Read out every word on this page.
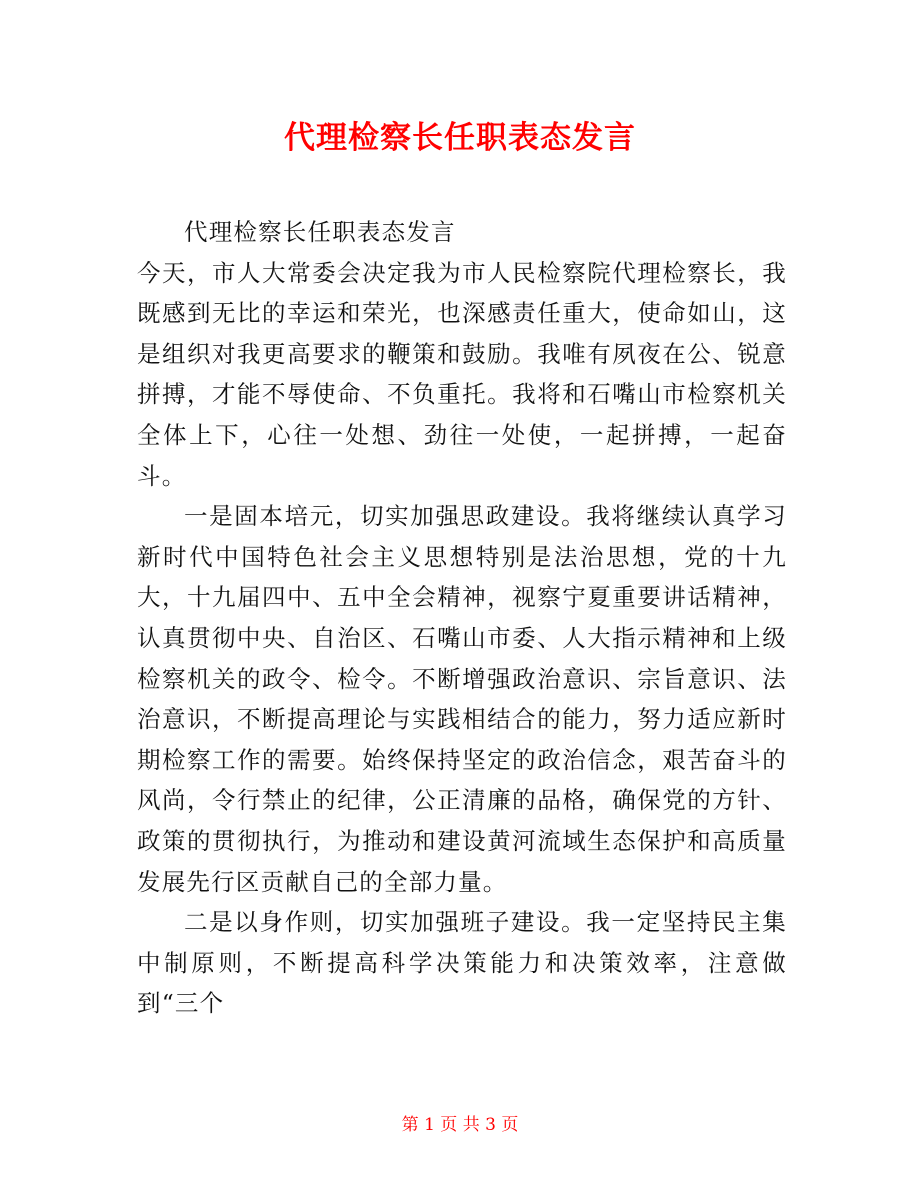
代理检察长任职表态发言

代理检察长任职表态发言

今天，市人大常委会决定我为市人民检察院代理检察长，我既感到无比的幸运和荣光，也深感责任重大，使命如山，这是组织对我更高要求的鞭策和鼓励。我唯有夙夜在公、锐意拼搏，才能不辱使命、不负重托。我将和石嘴山市检察机关全体上下，心往一处想、劲往一处使，一起拼搏，一起奋斗。

一是固本培元，切实加强思政建设。我将继续认真学习新时代中国特色社会主义思想特别是法治思想，党的十九大，十九届四中、五中全会精神，视察宁夏重要讲话精神，认真贯彻中央、自治区、石嘴山市委、人大指示精神和上级检察机关的政令、检令。不断增强政治意识、宗旨意识、法治意识，不断提高理论与实践相结合的能力，努力适应新时期检察工作的需要。始终保持坚定的政治信念，艰苦奋斗的风尚，令行禁止的纪律，公正清廉的品格，确保党的方针、政策的贯彻执行，为推动和建设黄河流域生态保护和高质量发展先行区贡献自己的全部力量。

二是以身作则，切实加强班子建设。我一定坚持民主集中制原则，不断提高科学决策能力和决策效率，注意做到“三个

第 1 页 共 3 页
